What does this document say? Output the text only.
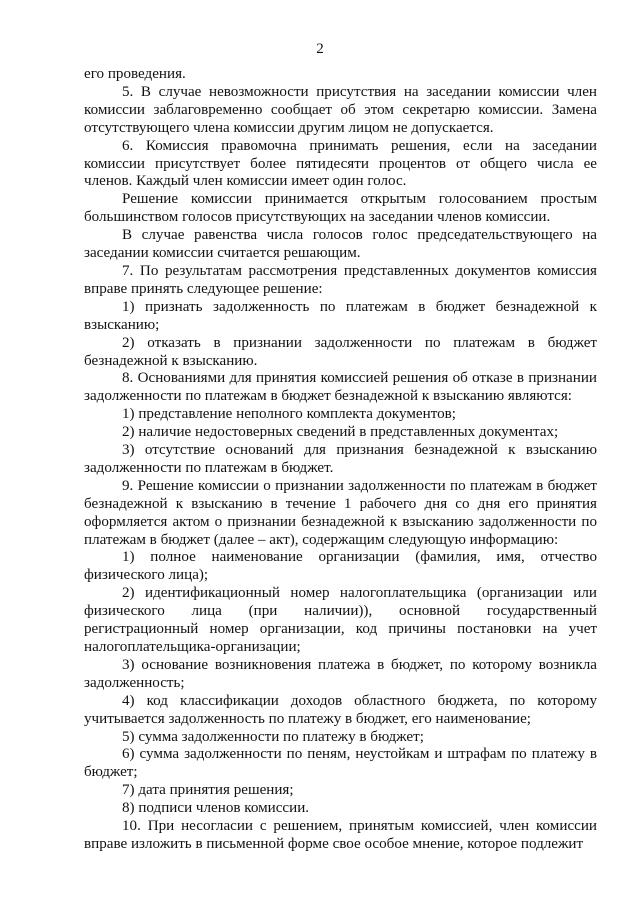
2

его проведения.

5. В случае невозможности присутствия на заседании комиссии член комиссии заблаговременно сообщает об этом секретарю комиссии. Замена отсутствующего члена комиссии другим лицом не допускается.

6. Комиссия правомочна принимать решения, если на заседании комиссии присутствует более пятидесяти процентов от общего числа ее членов. Каждый член комиссии имеет один голос.

Решение комиссии принимается открытым голосованием простым большинством голосов присутствующих на заседании членов комиссии.

В случае равенства числа голосов голос председательствующего на заседании комиссии считается решающим.

7. По результатам рассмотрения представленных документов комиссия вправе принять следующее решение:

1) признать задолженность по платежам в бюджет безнадежной к взысканию;

2) отказать в признании задолженности по платежам в бюджет безнадежной к взысканию.

8. Основаниями для принятия комиссией решения об отказе в признании задолженности по платежам в бюджет безнадежной к взысканию являются:

1) представление неполного комплекта документов;

2) наличие недостоверных сведений в представленных документах;

3) отсутствие оснований для признания безнадежной к взысканию задолженности по платежам в бюджет.

9. Решение комиссии о признании задолженности по платежам в бюджет безнадежной к взысканию в течение 1 рабочего дня со дня его принятия оформляется актом о признании безнадежной к взысканию задолженности по платежам в бюджет (далее – акт), содержащим следующую информацию:

1) полное наименование организации (фамилия, имя, отчество физического лица);

2) идентификационный номер налогоплательщика (организации или физического лица (при наличии)), основной государственный регистрационный номер организации, код причины постановки на учет налогоплательщика-организации;

3) основание возникновения платежа в бюджет, по которому возникла задолженность;

4) код классификации доходов областного бюджета, по которому учитывается задолженность по платежу в бюджет, его наименование;

5) сумма задолженности по платежу в бюджет;

6) сумма задолженности по пеням, неустойкам и штрафам по платежу в бюджет;

7) дата принятия решения;

8) подписи членов комиссии.

10. При несогласии с решением, принятым комиссией, член комиссии вправе изложить в письменной форме свое особое мнение, которое подлежит
